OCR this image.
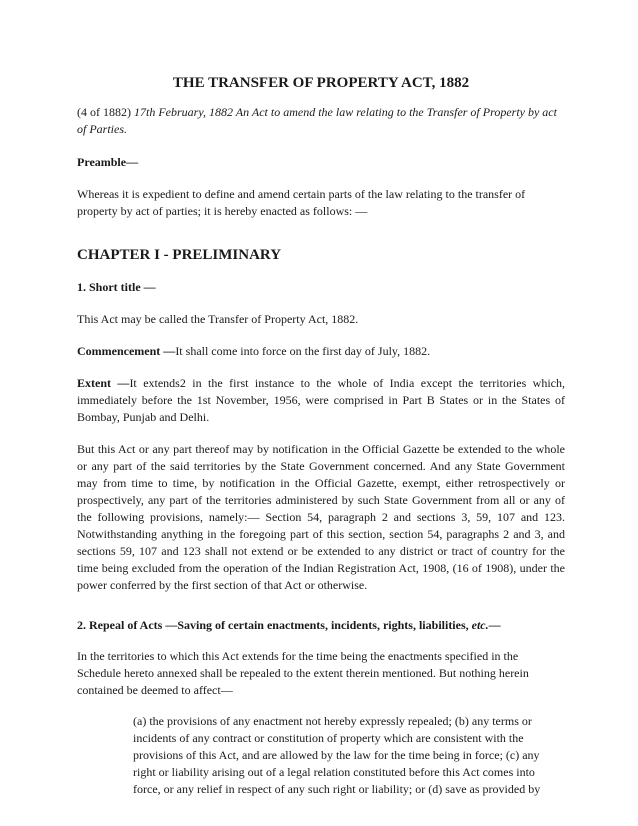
THE TRANSFER OF PROPERTY ACT, 1882

(4 of 1882) 17th February, 1882 An Act to amend the law relating to the Transfer of Property by act of Parties.

Preamble—

Whereas it is expedient to define and amend certain parts of the law relating to the transfer of property by act of parties; it is hereby enacted as follows: —

CHAPTER I - PRELIMINARY

1. Short title —

This Act may be called the Transfer of Property Act, 1882.

Commencement —It shall come into force on the first day of July, 1882.

Extent —It extends2 in the first instance to the whole of India except the territories which, immediately before the 1st November, 1956, were comprised in Part B States or in the States of Bombay, Punjab and Delhi.

But this Act or any part thereof may by notification in the Official Gazette be extended to the whole or any part of the said territories by the State Government concerned. And any State Government may from time to time, by notification in the Official Gazette, exempt, either retrospectively or prospectively, any part of the territories administered by such State Government from all or any of the following provisions, namely:— Section 54, paragraph 2 and sections 3, 59, 107 and 123. Notwithstanding anything in the foregoing part of this section, section 54, paragraphs 2 and 3, and sections 59, 107 and 123 shall not extend or be extended to any district or tract of country for the time being excluded from the operation of the Indian Registration Act, 1908, (16 of 1908), under the power conferred by the first section of that Act or otherwise.

2. Repeal of Acts —Saving of certain enactments, incidents, rights, liabilities, etc.—

In the territories to which this Act extends for the time being the enactments specified in the Schedule hereto annexed shall be repealed to the extent therein mentioned. But nothing herein contained be deemed to affect—

(a) the provisions of any enactment not hereby expressly repealed; (b) any terms or incidents of any contract or constitution of property which are consistent with the provisions of this Act, and are allowed by the law for the time being in force; (c) any right or liability arising out of a legal relation constituted before this Act comes into force, or any relief in respect of any such right or liability; or (d) save as provided by
